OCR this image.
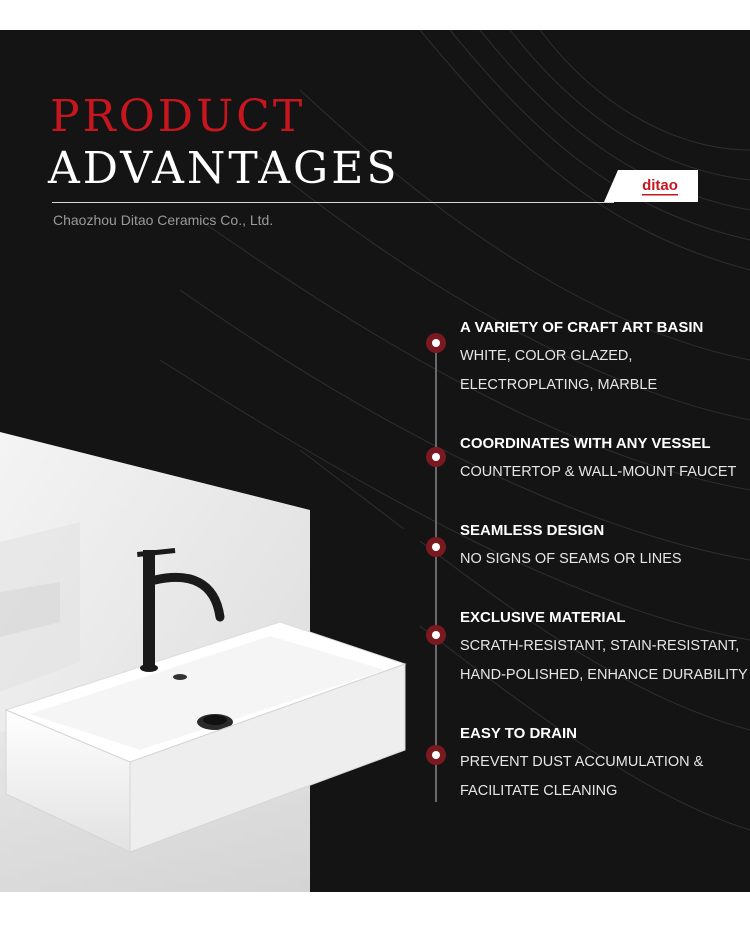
PRODUCT
ADVANTAGES	ditao
Chaozhou Ditao Ceramics Co., Ltd.
A VARIETY OF CRAFT ART BASIN
WHITE, COLOR GLAZED,
ELECTROPLATING, MARBLE
COORDINATES WITH ANY VESSEL
COUNTERTOP & WALL-MOUNT FAUCET
SEAMLESS DESIGN
NO SIGNS OF SEAMS OR LINES
EXCLUSIVE MATERIAL
SCRATH-RESISTANT, STAIN-RESISTANT,
HAND-POLISHED, ENHANCE DURABILITY
EASY TO DRAIN
PREVENT DUST ACCUMULATION &
FACILITATE CLEANING
